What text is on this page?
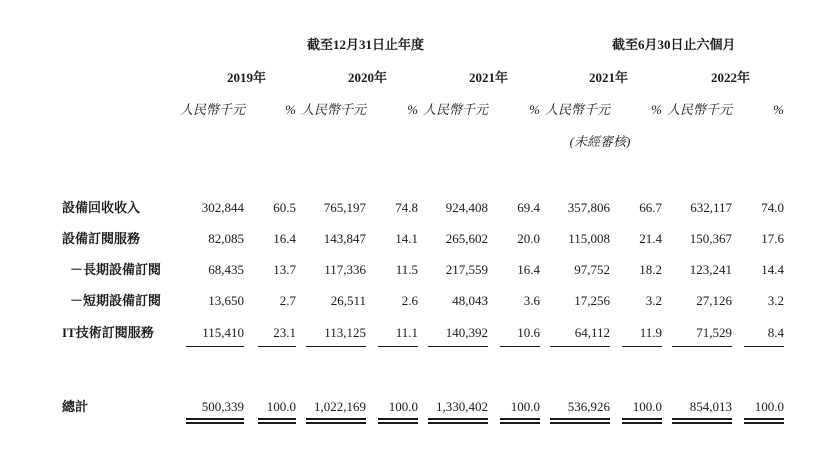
截至12月31日止年度	截至6月30日止六個月
2019年	2020年	2021年	2021年	2022年
人民幣千元	% 人民幣千元	% 人民幣千元	% 人民幣千元	% 人民幣千元	%
(未經審核)
設備回收收入	302,844	60.5	765,197	74.8	924,408	69.4	357,806	66.7	632,117	74.0
設備訂閱服務	82,085	16.4	143,847	14.1	265,602	20.0	115,008	21.4	150,367	17.6
－長期設備訂閱	68,435	13.7	117,336	11.5	217,559	16.4	97,752	18.2	123,241	14.4
－短期設備訂閱	13,650	2.7	26,511	2.6	48,043	3.6	17,256	3.2	27,126	3.2
IT技術訂閱服務	115,410	23.1	113,125	11.1	140,392	10.6	64,112	11.9	71,529	8.4
總計	500,339	100.0	1,022,169	100.0	1,330,402	100.0	536,926	100.0	854,013	100.0
